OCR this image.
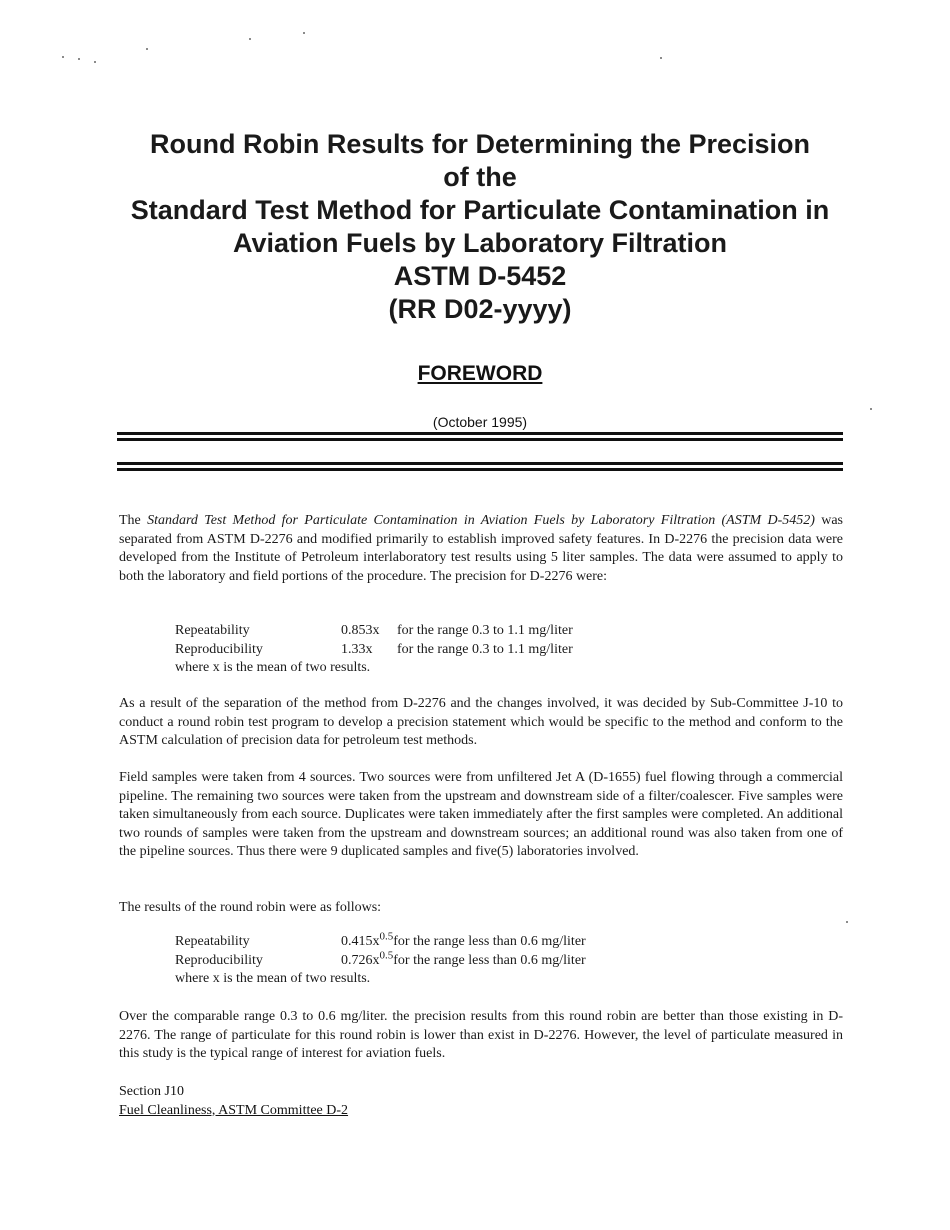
Round Robin Results for Determining the Precision
of the
Standard Test Method for Particulate Contamination in
Aviation Fuels by Laboratory Filtration
ASTM D-5452
(RR D02-yyyy)
FOREWORD
(October 1995)

The Standard Test Method for Particulate Contamination in Aviation Fuels by Laboratory Filtration (ASTM D-5452) was separated from ASTM D-2276 and modified primarily to establish improved safety features. In D-2276 the precision data were developed from the Institute of Petroleum interlaboratory test results using 5 liter samples. The data were assumed to apply to both the laboratory and field portions of the procedure. The precision for D-2276 were:

Repeatability	0.853x	for the range 0.3 to 1.1 mg/liter
Reproducibility	1.33x	for the range 0.3 to 1.1 mg/liter
where x is the mean of two results.

As a result of the separation of the method from D-2276 and the changes involved, it was decided by Sub-Committee J-10 to conduct a round robin test program to develop a precision statement which would be specific to the method and conform to the ASTM calculation of precision data for petroleum test methods.

Field samples were taken from 4 sources. Two sources were from unfiltered Jet A (D-1655) fuel flowing through a commercial pipeline. The remaining two sources were taken from the upstream and downstream side of a filter/coalescer. Five samples were taken simultaneously from each source. Duplicates were taken immediately after the first samples were completed. An additional two rounds of samples were taken from the upstream and downstream sources; an additional round was also taken from one of the pipeline sources. Thus there were 9 duplicated samples and five(5) laboratories involved.

The results of the round robin were as follows:

Repeatability	$0.415x^{0.5}$ for the range less than 0.6 mg/liter
Reproducibility	$0.726x^{0.5}$ for the range less than 0.6 mg/liter
where x is the mean of two results.

Over the comparable range 0.3 to 0.6 mg/liter. the precision results from this round robin are better than those existing in D-2276. The range of particulate for this round robin is lower than exist in D-2276. However, the level of particulate measured in this study is the typical range of interest for aviation fuels.

Section J10
Fuel Cleanliness, ASTM Committee D-2
